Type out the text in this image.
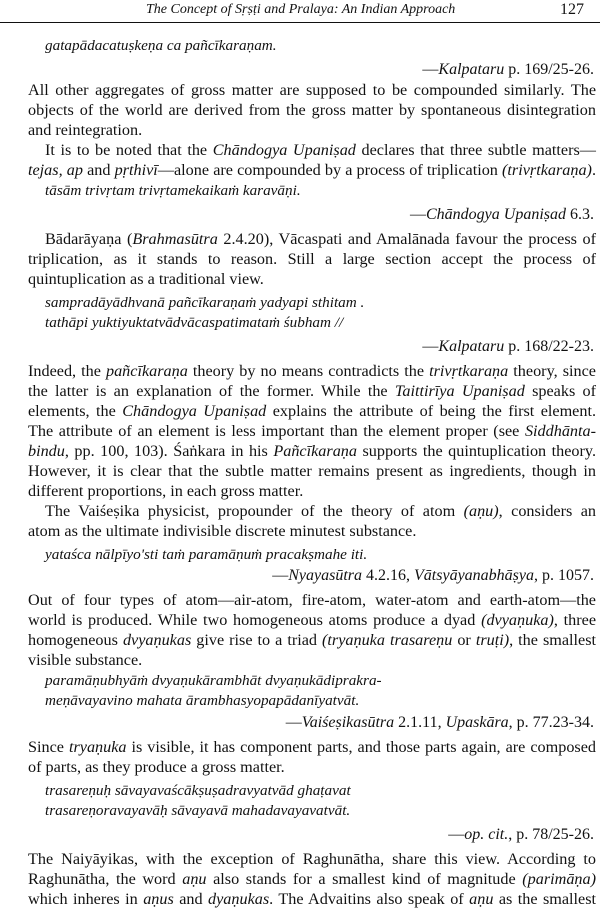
The Concept of Sṛṣṭi and Pralaya: An Indian Approach	127
gatapādacatuṣkeṇa ca pañcīkaraṇam.
—Kalpataru p. 169/25-26.
All other aggregates of gross matter are supposed to be compounded similarly. The
objects of the world are derived from the gross matter by spontaneous disintegration
and reintegration.
It is to be noted that the Chāndogya Upaniṣad declares that three subtle matters—
tejas, ap and pṛthivī—alone are compounded by a process of triplication (trivṛtkaraṇa).
tāsām trivṛtam trivṛtamekaikaṁ karavāṇi.
—Chāndogya Upaniṣad 6.3.
Bādarāyaṇa (Brahmasūtra 2.4.20), Vācaspati and Amalānada favour the process of
triplication, as it stands to reason. Still a large section accept the process of
quintuplication as a traditional view.
sampradāyādhvanā pañcīkaraṇaṁ yadyapi sthitam .
tathāpi yuktiyuktatvādvācaspatimataṁ śubham //
—Kalpataru p. 168/22-23.
Indeed, the pañcīkaraṇa theory by no means contradicts the trivṛtkaraṇa theory, since
the latter is an explanation of the former. While the Taittirīya Upaniṣad speaks of
elements, the Chāndogya Upaniṣad explains the attribute of being the first element.
The attribute of an element is less important than the element proper (see Siddhānta-
bindu, pp. 100, 103). Śaṅkara in his Pañcīkaraṇa supports the quintuplication theory.
However, it is clear that the subtle matter remains present as ingredients, though in
different proportions, in each gross matter.
The Vaiśeṣika physicist, propounder of the theory of atom (aṇu), considers an
atom as the ultimate indivisible discrete minutest substance.
yataśca nālpīyo'sti taṁ paramāṇuṁ pracakṣmahe iti.
—Nyayasūtra 4.2.16, Vātsyāyanabhāṣya, p. 1057.
Out of four types of atom—air-atom, fire-atom, water-atom and earth-atom—the
world is produced. While two homogeneous atoms produce a dyad (dvyaṇuka), three
homogeneous dvyaṇukas give rise to a triad (tryaṇuka trasareṇu or truṭi), the smallest
visible substance.
paramāṇubhyāṁ dvyaṇukārambhāt dvyaṇukādiprakra-
meṇāvayavino mahata ārambhasyopapādanīyatvāt.
—Vaiśeṣikasūtra 2.1.11, Upaskāra, p. 77.23-34.
Since tryaṇuka is visible, it has component parts, and those parts again, are composed
of parts, as they produce a gross matter.
trasareṇuḥ sāvayavaścākṣuṣadravyatvād ghaṭavat
trasareṇoravayavāḥ sāvayavā mahadavayavatvāt.
—op. cit., p. 78/25-26.
The Naiyāyikas, with the exception of Raghunātha, share this view. According to
Raghunātha, the word aṇu also stands for a smallest kind of magnitude (parimāṇa)
which inheres in aṇus and dyaṇukas. The Advaitins also speak of aṇu as the smallest
